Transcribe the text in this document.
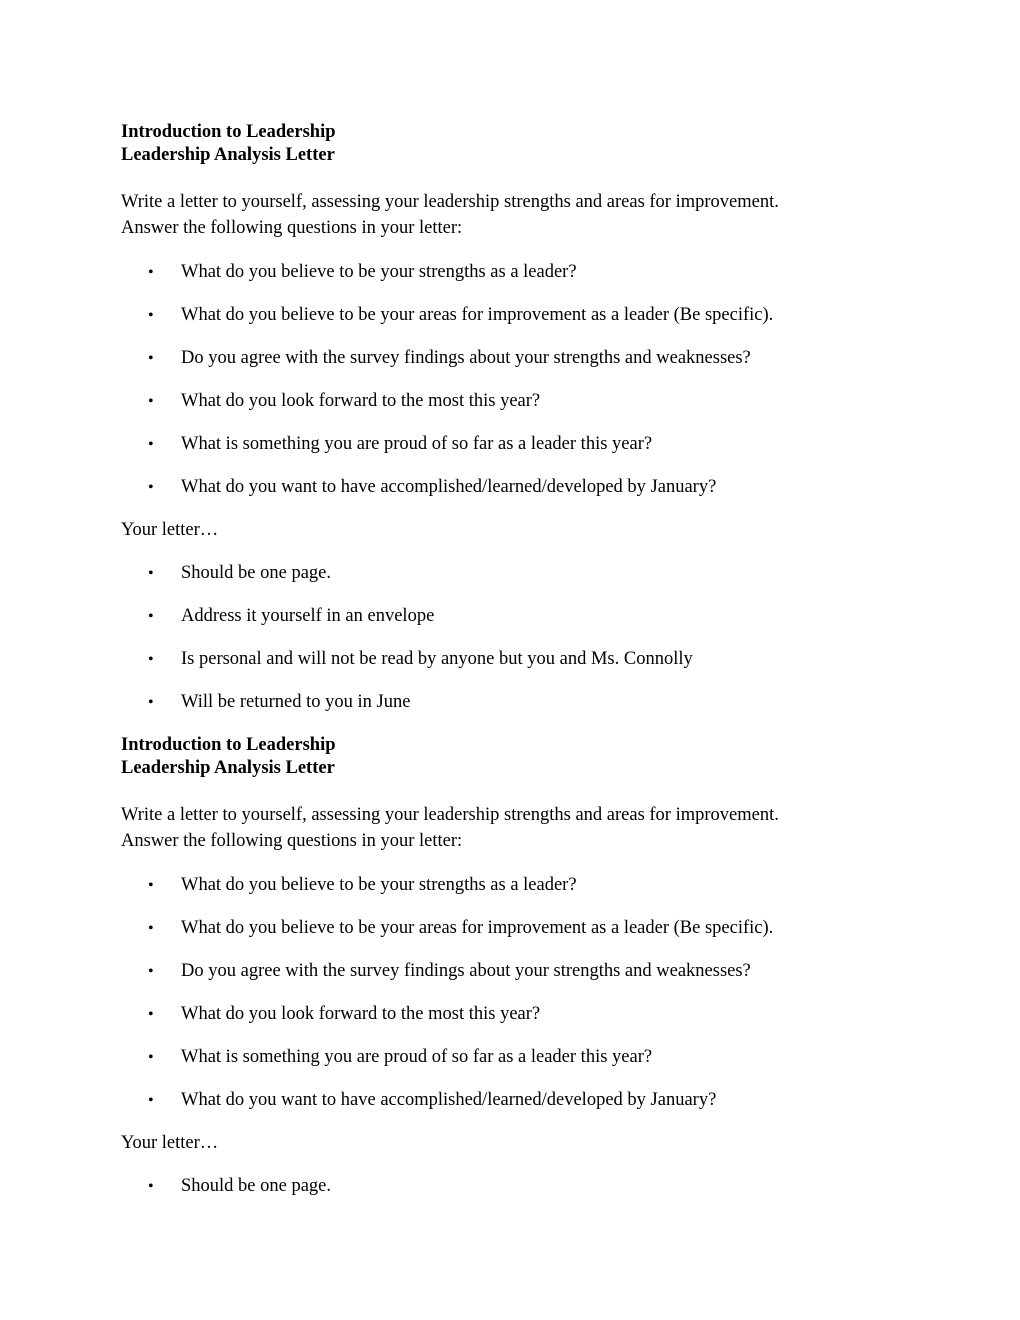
Introduction to Leadership

Leadership Analysis Letter

Write a letter to yourself, assessing your leadership strengths and areas for improvement.
Answer the following questions in your letter:

• What do you believe to be your strengths as a leader?
• What do you believe to be your areas for improvement as a leader (Be specific).
• Do you agree with the survey findings about your strengths and weaknesses?
• What do you look forward to the most this year?
• What is something you are proud of so far as a leader this year?
• What do you want to have accomplished/learned/developed by January?

Your letter…

• Should be one page.
• Address it yourself in an envelope
• Is personal and will not be read by anyone but you and Ms. Connolly
• Will be returned to you in June

Introduction to Leadership

Leadership Analysis Letter

Write a letter to yourself, assessing your leadership strengths and areas for improvement.
Answer the following questions in your letter:

• What do you believe to be your strengths as a leader?
• What do you believe to be your areas for improvement as a leader (Be specific).
• Do you agree with the survey findings about your strengths and weaknesses?
• What do you look forward to the most this year?
• What is something you are proud of so far as a leader this year?
• What do you want to have accomplished/learned/developed by January?

Your letter…

• Should be one page.
